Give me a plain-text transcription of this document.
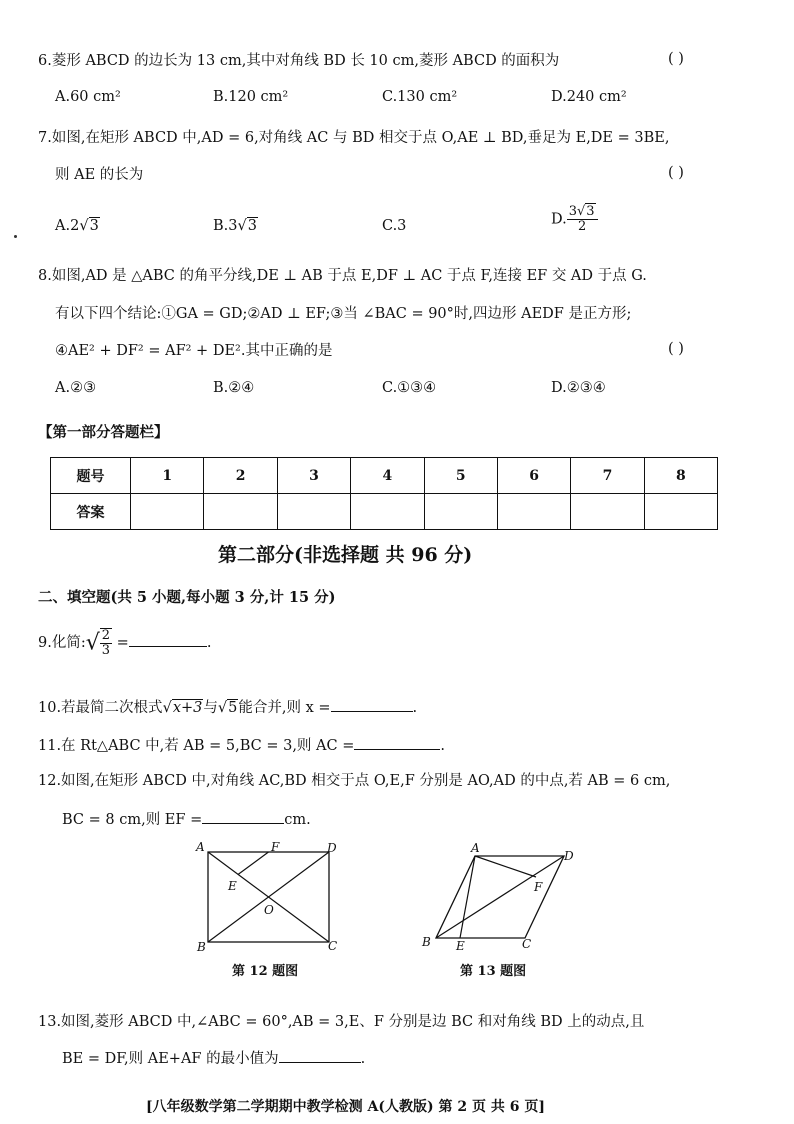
6.菱形 ABCD 的边长为 13 cm,其中对角线 BD 长 10 cm,菱形 ABCD 的面积为	( )
A.60 cm²	B.120 cm²	C.130 cm²	D.240 cm²
7.如图,在矩形 ABCD 中,AD = 6,对角线 AC 与 BD 相交于点 O,AE ⊥ BD,垂足为 E,DE = 3BE,
则 AE 的长为	( )
A.2√3	B.3√3	C.3	D. $\frac{3√3}{2}$
8.如图,AD 是 △ABC 的角平分线,DE ⊥ AB 于点 E,DF ⊥ AC 于点 F,连接 EF 交 AD 于点 G.
有以下四个结论:①GA = GD;②AD ⊥ EF;③当 ∠BAC = 90°时,四边形 AEDF 是正方形;
④AE² + DF² = AF² + DE².其中正确的是	( )
A.②③	B.②④	C.①③④	D.②③④
【第一部分答题栏】
题号	1	2	3	4	5	6	7	8
答案								
第二部分(非选择题 共 96 分)
二、填空题(共 5 小题,每小题 3 分,计 15 分)
9.化简:√ $\frac{2}{3}$ =	.
10.若最简二次根式√x+3与√5能合并,则 x =	.
11.在 Rt△ABC 中,若 AB = 5,BC = 3,则 AC =	.
12.如图,在矩形 ABCD 中,对角线 AC,BD 相交于点 O,E,F 分别是 AO,AD 的中点,若 AB = 6 cm,
BC = 8 cm,则 EF =	cm.
A
B	C
D
E
F
O
第 12 题图
A
B	C
D
E
F
第 13 题图
13.如图,菱形 ABCD 中,∠ABC = 60°,AB = 3,E、F 分别是边 BC 和对角线 BD 上的动点,且
BE = DF,则 AE+AF 的最小值为	.
[八年级数学第二学期期中教学检测 A(人教版) 第 2 页 共 6 页]
